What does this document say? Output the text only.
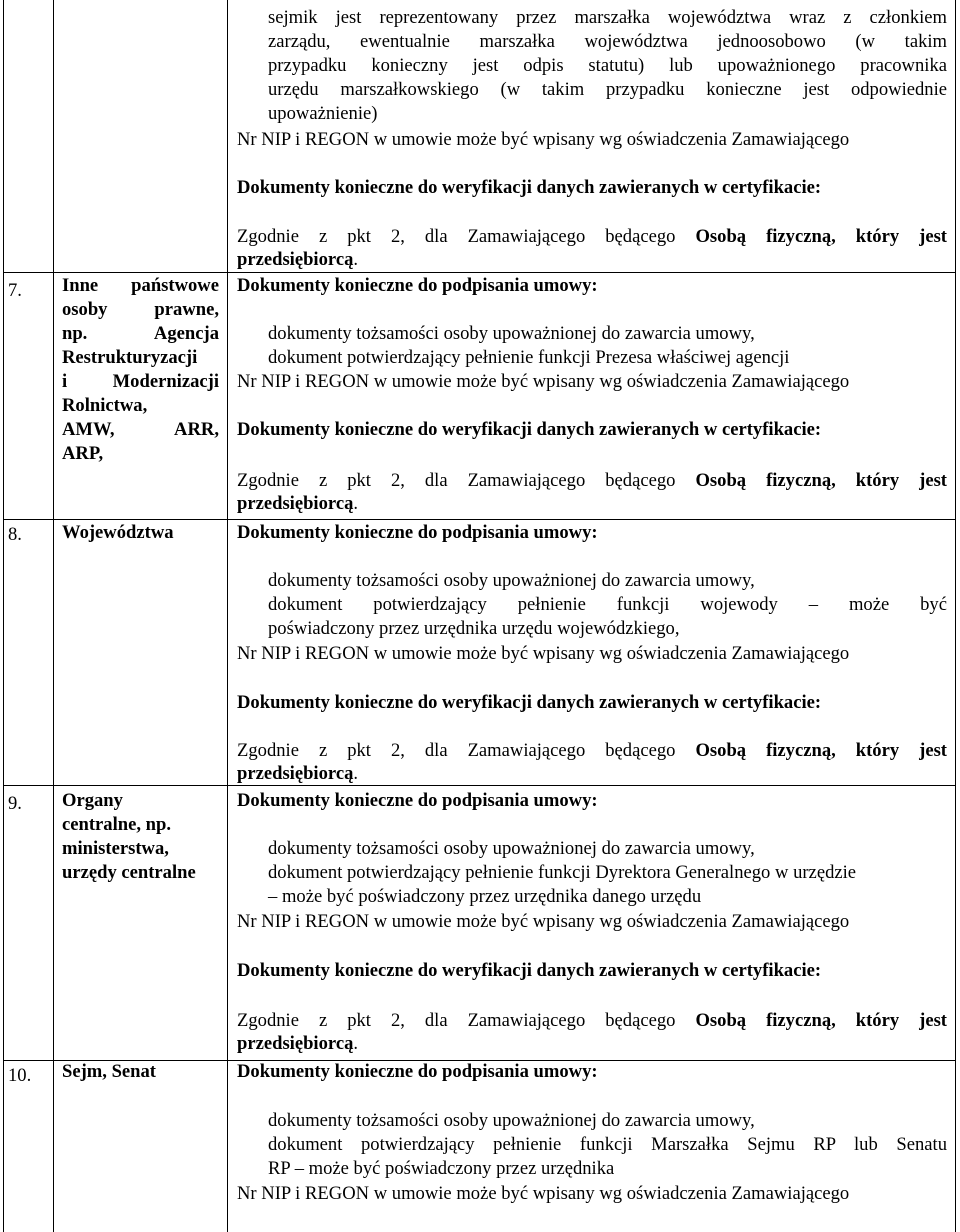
sejmik jest reprezentowany przez marszałka województwa wraz z członkiem
zarządu, ewentualnie marszałka województwa jednoosobowo (w takim
przypadku konieczny jest odpis statutu) lub upoważnionego pracownika
urzędu marszałkowskiego (w takim przypadku konieczne jest odpowiednie
upoważnienie)
Nr NIP i REGON w umowie może być wpisany wg oświadczenia Zamawiającego
Dokumenty konieczne do weryfikacji danych zawieranych w certyfikacie:
Zgodnie z pkt 2, dla Zamawiającego będącego Osobą fizyczną, który jest
przedsiębiorcą.
7. Inne państwowe
osoby prawne,
np. Agencja
Restrukturyzacji
i Modernizacji
Rolnictwa,
AMW, ARR,
ARP,
Dokumenty konieczne do podpisania umowy:
dokumenty tożsamości osoby upoważnionej do zawarcia umowy,
dokument potwierdzający pełnienie funkcji Prezesa właściwej agencji
Nr NIP i REGON w umowie może być wpisany wg oświadczenia Zamawiającego
Dokumenty konieczne do weryfikacji danych zawieranych w certyfikacie:
Zgodnie z pkt 2, dla Zamawiającego będącego Osobą fizyczną, który jest
przedsiębiorcą.
8. Województwa	Dokumenty konieczne do podpisania umowy:
dokumenty tożsamości osoby upoważnionej do zawarcia umowy,
dokument potwierdzający pełnienie funkcji wojewody – może być
poświadczony przez urzędnika urzędu wojewódzkiego,
Nr NIP i REGON w umowie może być wpisany wg oświadczenia Zamawiającego
Dokumenty konieczne do weryfikacji danych zawieranych w certyfikacie:
Zgodnie z pkt 2, dla Zamawiającego będącego Osobą fizyczną, który jest
przedsiębiorcą.
9. Organy
centralne, np.
ministerstwa,
urzędy centralne
Dokumenty konieczne do podpisania umowy:
dokumenty tożsamości osoby upoważnionej do zawarcia umowy,
dokument potwierdzający pełnienie funkcji Dyrektora Generalnego w urzędzie
– może być poświadczony przez urzędnika danego urzędu
Nr NIP i REGON w umowie może być wpisany wg oświadczenia Zamawiającego
Dokumenty konieczne do weryfikacji danych zawieranych w certyfikacie:
Zgodnie z pkt 2, dla Zamawiającego będącego Osobą fizyczną, który jest
przedsiębiorcą.
10. Sejm, Senat	Dokumenty konieczne do podpisania umowy:
dokumenty tożsamości osoby upoważnionej do zawarcia umowy,
dokument potwierdzający pełnienie funkcji Marszałka Sejmu RP lub Senatu
RP – może być poświadczony przez urzędnika
Nr NIP i REGON w umowie może być wpisany wg oświadczenia Zamawiającego
